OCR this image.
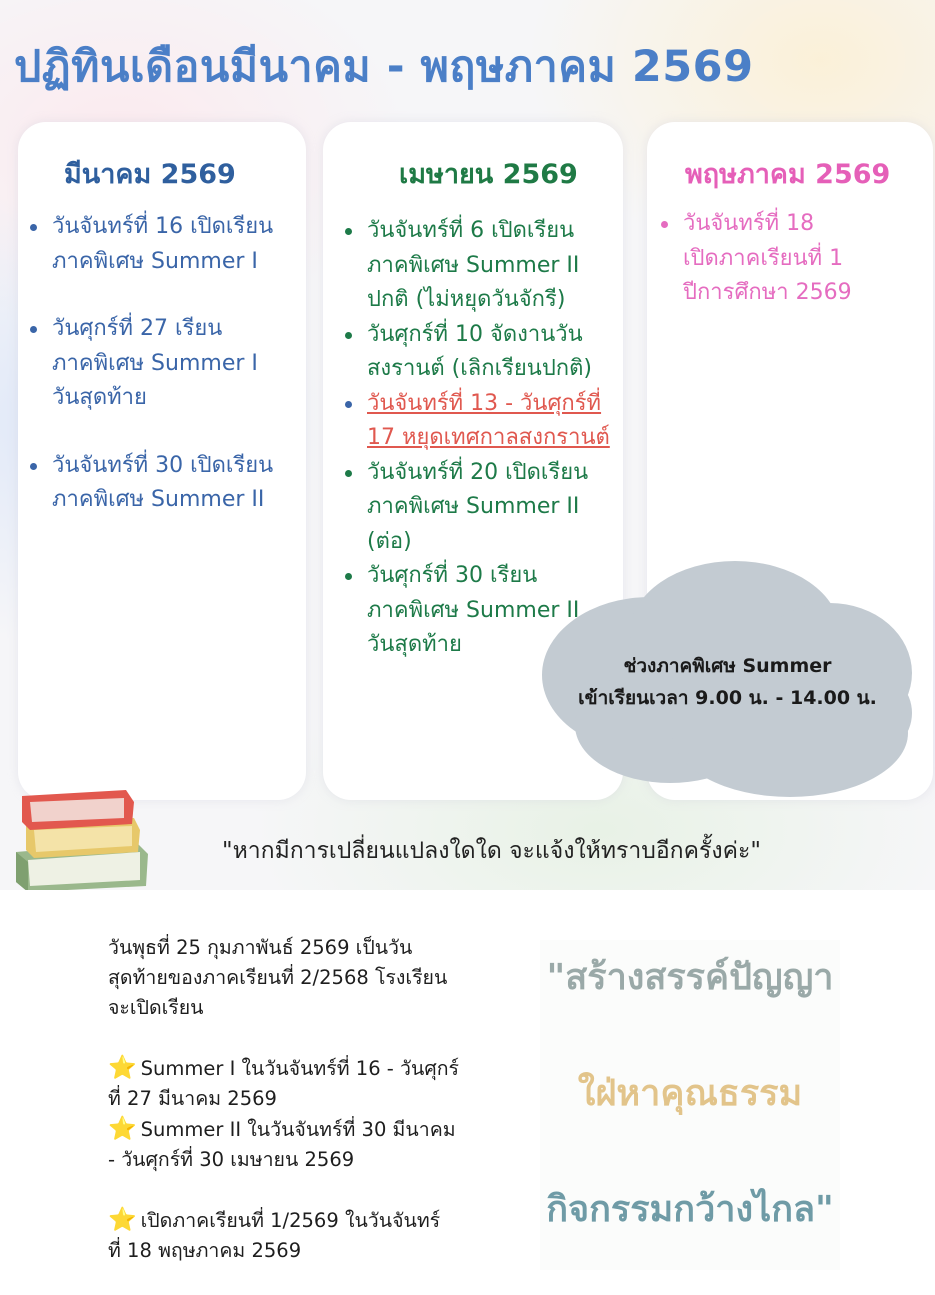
ปฏิทินเดือนมีนาคม - พฤษภาคม 2569
มีนาคม 2569
วันจันทร์ที่ 16 เปิดเรียน
ภาคพิเศษ Summer I
วันศุกร์ที่ 27 เรียน
ภาคพิเศษ Summer I
วันสุดท้าย
วันจันทร์ที่ 30 เปิดเรียน
ภาคพิเศษ Summer II
เมษายน 2569
วันจันทร์ที่ 6 เปิดเรียน
ภาคพิเศษ Summer II
ปกติ (ไม่หยุดวันจักรี)
วันศุกร์ที่ 10 จัดงานวัน
สงรานต์ (เลิกเรียนปกติ)
วันจันทร์ที่ 13 - วันศุกร์ที่
17 หยุดเทศกาลสงกรานต์
วันจันทร์ที่ 20 เปิดเรียน
ภาคพิเศษ Summer II
(ต่อ)
วันศุกร์ที่ 30 เรียน
ภาคพิเศษ Summer II
วันสุดท้าย
พฤษภาคม 2569
วันจันทร์ที่ 18
เปิดภาคเรียนที่ 1
ปีการศึกษา 2569
ช่วงภาคพิเศษ Summer
เข้าเรียนเวลา 9.00 น. - 14.00 น.

"หากมีการเปลี่ยนแปลงใดใด จะแจ้งให้ทราบอีกครั้งค่ะ"

วันพุธที่ 25 กุมภาพันธ์ 2569 เป็นวัน
สุดท้ายของภาคเรียนที่ 2/2568 โรงเรียน
จะเปิดเรียน

⭐ Summer I ในวันจันทร์ที่ 16 - วันศุกร์

ที่ 27 มีนาคม 2569

⭐ Summer II ในวันจันทร์ที่ 30 มีนาคม

- วันศุกร์ที่ 30 เมษายน 2569

⭐ เปิดภาคเรียนที่ 1/2569 ในวันจันทร์

ที่ 18 พฤษภาคม 2569

"สร้างสรรค์ปัญญา

ใฝ่หาคุณธรรม

กิจกรรมกว้างไกล"
